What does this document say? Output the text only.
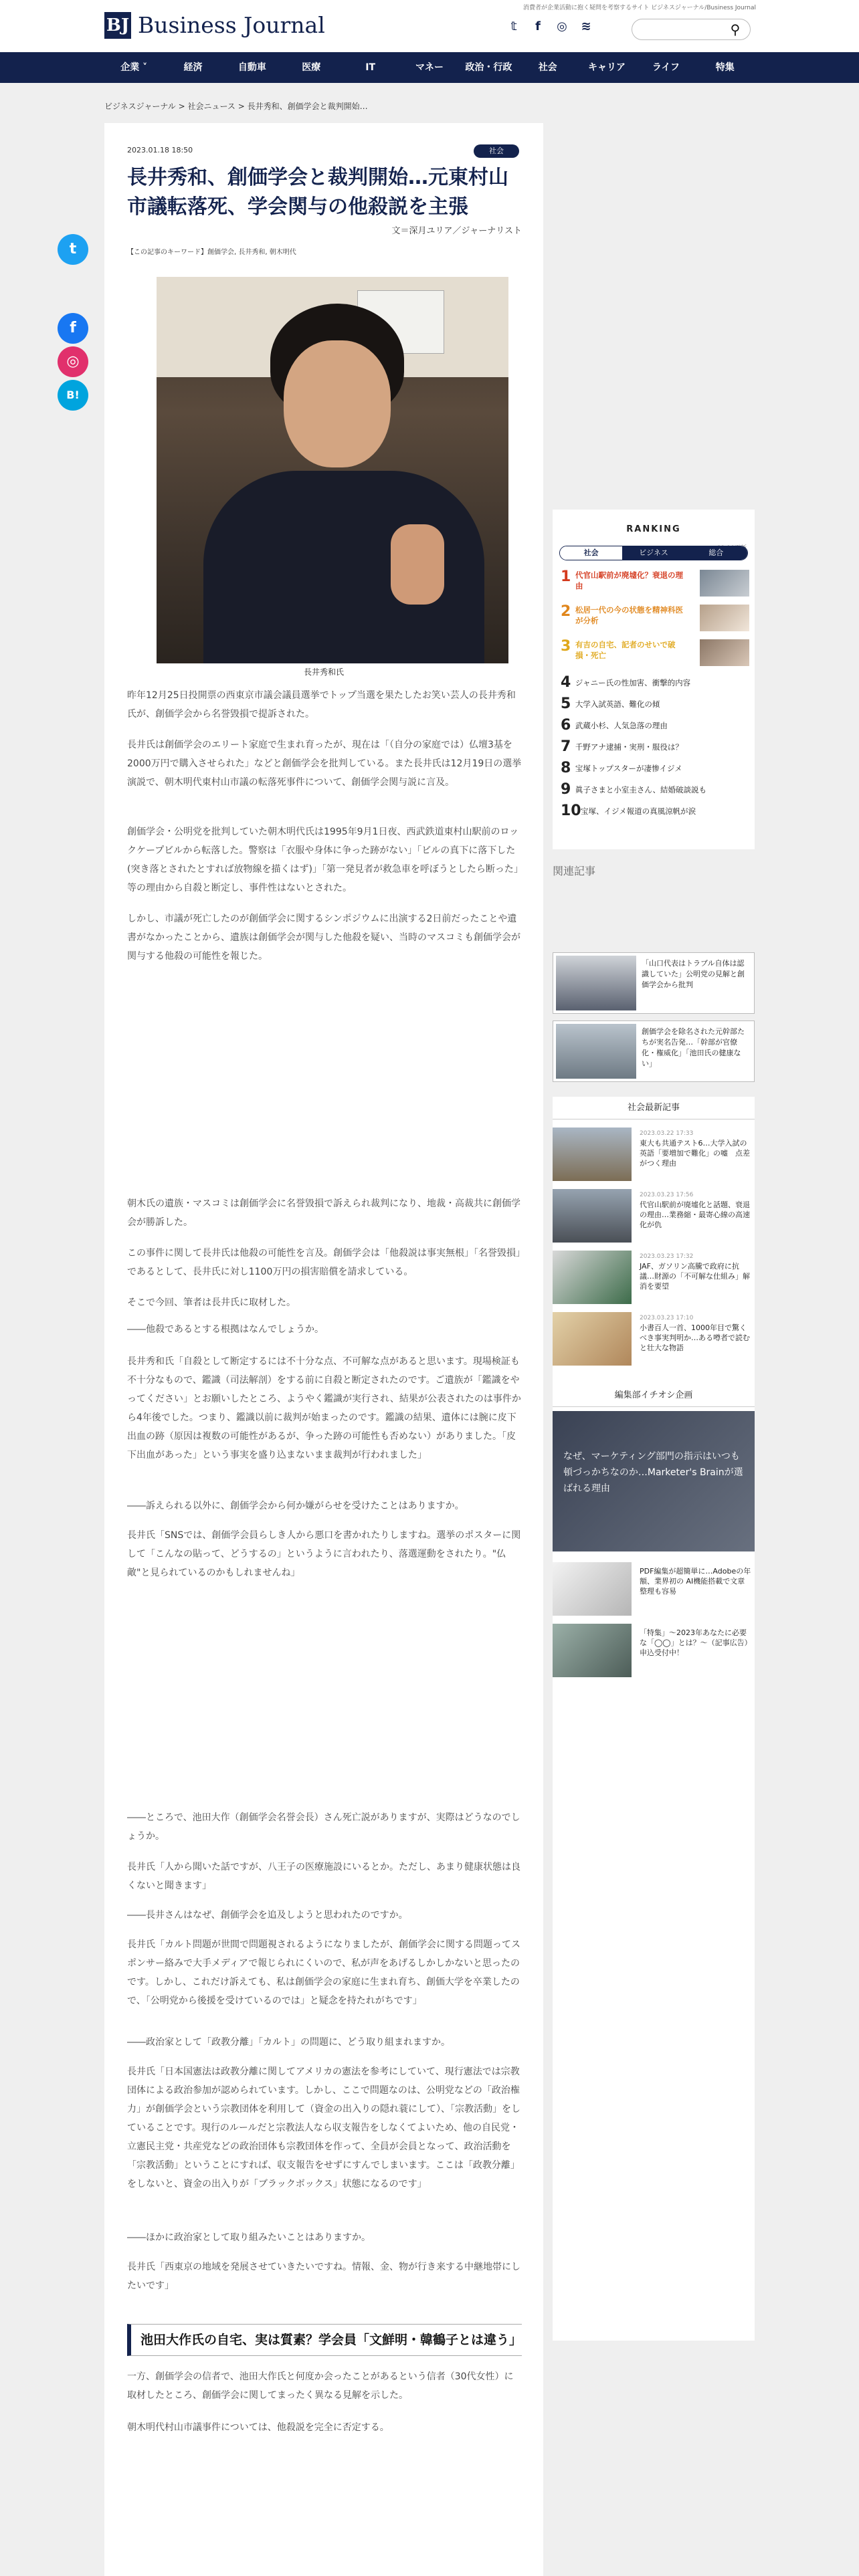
BJ Business Journal
消費者が企業活動に抱く疑問を考察するサイト ビジネスジャーナル/Business Journal
𝕥	f	◎ ≋	⚲
企業 ˅	経済	自動車	医療	IT	マネー	政治・行政	社会	キャリア	ライフ	特集
ビジネスジャーナル > 社会ニュース > 長井秀和、創価学会と裁判開始…
t
f
◎
B!
2023.01.18 18:50	社会
長井秀和、創価学会と裁判開始…元東村山市議転落死、学会関与の他殺説を主張
文＝深月ユリア／ジャーナリスト
【この記事のキーワード】創価学会, 長井秀和, 朝木明代
長井秀和氏

昨年12月25日投開票の西東京市議会議員選挙でトップ当選を果たしたお笑い芸人の長井秀和氏が、創価学会から名誉毀損で提訴された。

長井氏は創価学会のエリート家庭で生まれ育ったが、現在は「（自分の家庭では）仏壇3基を2000万円で購入させられた」などと創価学会を批判している。また長井氏は12月19日の選挙演説で、朝木明代東村山市議の転落死事件について、創価学会関与説に言及。

創価学会・公明党を批判していた朝木明代氏は1995年9月1日夜、西武鉄道東村山駅前のロックケープビルから転落した。警察は「衣服や身体に争った跡がない」「ビルの真下に落下した(突き落とされたとすれば放物線を描くはず)」「第一発見者が救急車を呼ぼうとしたら断った」等の理由から自殺と断定し、事件性はないとされた。

しかし、市議が死亡したのが創価学会に関するシンポジウムに出演する2日前だったことや遺書がなかったことから、遺族は創価学会が関与した他殺を疑い、当時のマスコミも創価学会が関与する他殺の可能性を報じた。

朝木氏の遺族・マスコミは創価学会に名誉毀損で訴えられ裁判になり、地裁・高裁共に創価学会が勝訴した。

この事件に関して長井氏は他殺の可能性を言及。創価学会は「他殺説は事実無根」「名誉毀損」であるとして、長井氏に対し1100万円の損害賠償を請求している。

そこで今回、筆者は長井氏に取材した。

――他殺であるとする根拠はなんでしょうか。

長井秀和氏「自殺として断定するには不十分な点、不可解な点があると思います。現場検証も不十分なもので、鑑識（司法解剖）をする前に自殺と断定されたのです。ご遺族が「鑑識をやってください」とお願いしたところ、ようやく鑑識が実行され、結果が公表されたのは事件から4年後でした。つまり、鑑識以前に裁判が始まったのです。鑑識の結果、遺体には腕に皮下出血の跡（原因は複数の可能性があるが、争った跡の可能性も否めない）がありました。「皮下出血があった」という事実を盛り込まないまま裁判が行われました」

――訴えられる以外に、創価学会から何か嫌がらせを受けたことはありますか。

長井氏「SNSでは、創価学会員らしき人から悪口を書かれたりしますね。選挙のポスターに関して「こんなの貼って、どうするの」というように言われたり、落選運動をされたり。"仏敵"と見られているのかもしれませんね」

――ところで、池田大作（創価学会名誉会長）さん死亡説がありますが、実際はどうなのでしょうか。

長井氏「人から聞いた話ですが、八王子の医療施設にいるとか。ただし、あまり健康状態は良くないと聞きます」

――長井さんはなぜ、創価学会を追及しようと思われたのですか。

長井氏「カルト問題が世間で問題視されるようになりましたが、創価学会に関する問題ってスポンサー絡みで大手メディアで報じられにくいので、私が声をあげるしかしかないと思ったのです。しかし、これだけ訴えても、私は創価学会の家庭に生まれ育ち、創価大学を卒業したので、「公明党から後援を受けているのでは」と疑念を持たれがちです」

――政治家として「政教分離」「カルト」の問題に、どう取り組まれますか。

長井氏「日本国憲法は政教分離に関してアメリカの憲法を参考にしていて、現行憲法では宗教団体による政治参加が認められています。しかし、ここで問題なのは、公明党などの「政治権力」が創価学会という宗教団体を利用して（資金の出入りの隠れ蓑にして）、「宗教活動」をしていることです。現行のルールだと宗教法人なら収支報告をしなくてよいため、他の自民党・立憲民主党・共産党などの政治団体も宗教団体を作って、全員が会員となって、政治活動を「宗教活動」ということにすれば、収支報告をせずにすんでしまいます。ここは「政教分離」をしないと、資金の出入りが「ブラックボックス」状態になるのです」

――ほかに政治家として取り組みたいことはありますか。

長井氏「西東京の地域を発展させていきたいですね。情報、金、物が行き来する中継地帯にしたいです」

池田大作氏の自宅、実は質素？学会員「文鮮明・韓鶴子とは違う」

一方、創価学会の信者で、池田大作氏と何度か会ったことがあるという信者（30代女性）に取材したところ、創価学会に関してまったく異なる見解を示した。

朝木明代村山市議事件については、他殺説を完全に否定する。

RANKING
社会	ビジネス	総合
1 代官山駅前が廃墟化？衰退の理由
2 松居一代の今の状態を精神科医が分析
3 有吉の自宅、記者のせいで破損・死亡
4 ジャニー氏の性加害、衝撃的内容
5 大学入試英語、難化の傾
6 武蔵小杉、人気急落の理由
7 千野アナ逮捕・実刑・服役は？
8 宝塚トップスターが凄惨イジメ
9 眞子さまと小室圭さん、結婚破談説も
10 宝塚、イジメ報道の真風涼帆が涙
関連記事
「山口代表はトラブル自体は認識していた」公明党の見解と創価学会から批判
創価学会を除名された元幹部たちが実名告発…「幹部が官僚化・権威化」「池田氏の健康ない」
社会最新記事
2023.03.22 17:33
東大も共通テスト6…大学入試の英語「要増加で難化」の嘘　点差がつく理由
2023.03.23 17:56
代官山駅前が廃墟化と話題、衰退の理由…業務縮・最寄心線の高速化が仇
2023.03.23 17:32
JAF、ガソリン高騰で政府に抗議…財源の「不可解な仕組み」解消を要望
2023.03.23 17:10
小書百人一首、1000年目で驚くべき事実判明か…ある噂者で読むと壮大な物語
編集部イチオシ企画
なぜ、マーケティング部門の指示はいつも頓づっかちなのか…Marketer's Brainが選ばれる理由
PDF編集が超簡単に…Adobeの年額、業界初の AI機能搭載で文章整理も容易
「特集」〜2023年あなたに必要な「◯◯」とは？〜（記事広告）申込受付中！
